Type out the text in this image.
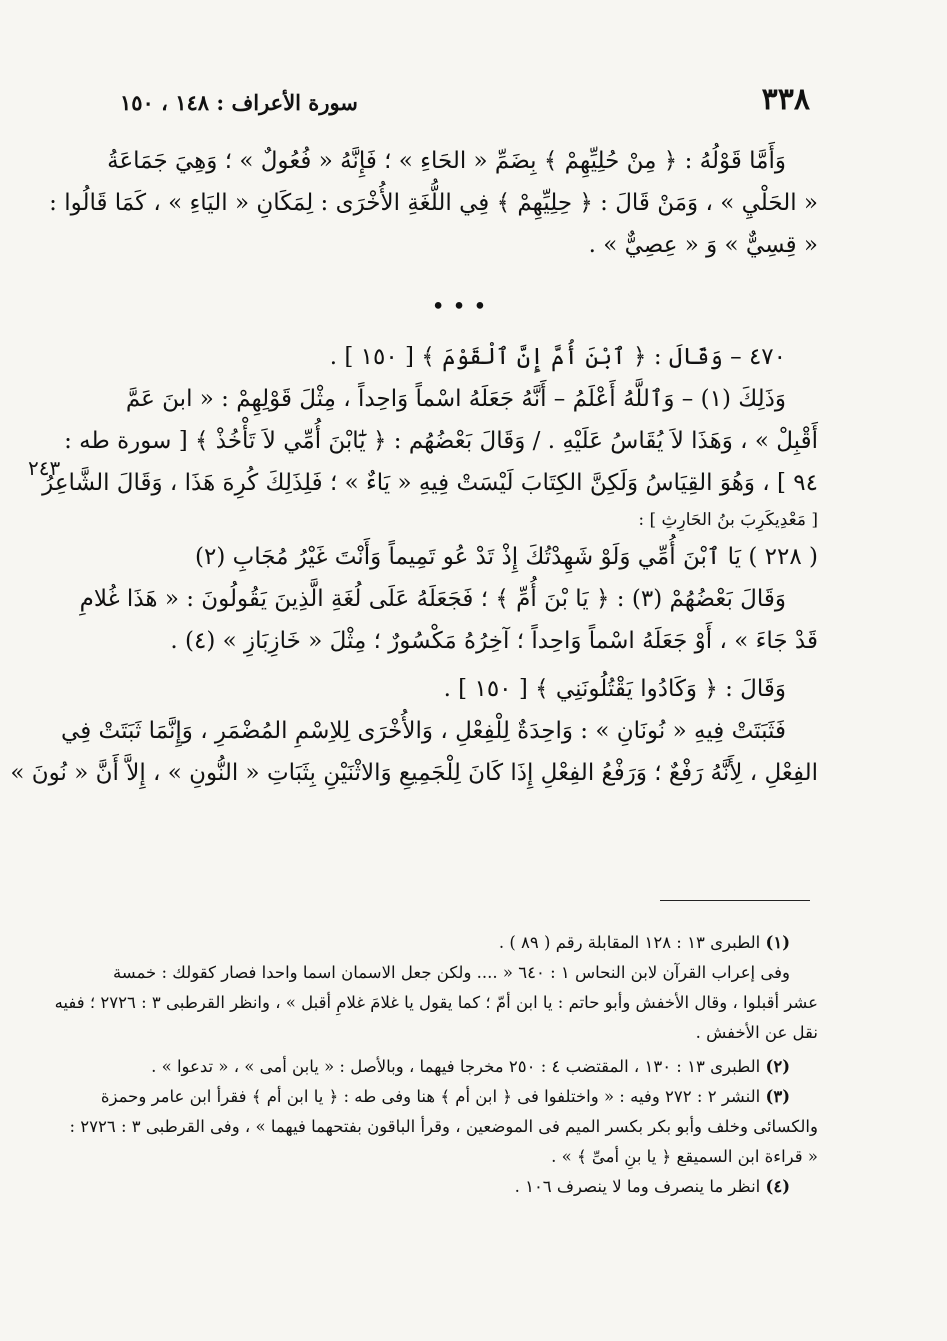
٣٣٨
سورة الأعراف : ١٤٨ ، ١٥٠
وَأَمَّا قَوْلُهُ : ﴿ مِنْ حُلِيِّهِمْ ﴾ بِضَمِّ « الحَاءِ » ؛ فَإِنَّهُ « فُعُولٌ » ؛ وَهِيَ جَمَاعَةُ
« الحَلْيِ » ، وَمَنْ قَالَ : ﴿ حِلِيِّهِمْ ﴾ فِي اللُّغَةِ الأُخْرَى : لِمَكَانِ « اليَاءِ » ، كَمَا قَالُوا :
« قِسِيٌّ » وَ « عِصِيٌّ » .
• • •
٤٧٠ – وَقَالَ : ﴿ ٱبْنَ أُمَّ إِنَّ ٱلْقَوْمَ ﴾ [ ١٥٠ ] .
وَذَلِكَ (١) – وَٱللَّهُ أَعْلَمُ – أَنَّهُ جَعَلَهُ اسْماً وَاحِداً ، مِثْلَ قَوْلِهِمْ : « ابنَ عَمَّ
أَقْبِلْ » ، وَهَذَا لاَ يُقَاسُ عَلَيْهِ . / وَقَالَ بَعْضُهُم : ﴿ يَٰٓابْنَ أُمِّي لاَ تَأْخُذْ ﴾ [ سورة طه :
٩٤ ] ، وَهُوَ القِيَاسُ وَلَكِنَّ الكِتَابَ لَيْسَتْ فِيهِ « يَاءٌ » ؛ فَلِذَلِكَ كُرِهَ هَذَا ، وَقَالَ الشَّاعِرُ
[ مَعْدِيكَرِبَ بنُ الحَارِثِ ] :
( ٢٢٨ ) يَا ٱبْنَ أُمِّي وَلَوْ شَهِدْتُكَ إِذْ تَدْ عُو تَمِيماً وَأَنْتَ غَيْرُ مُجَابِ (٢)
وَقَالَ بَعْضُهُمْ (٣) : ﴿ يَا بْنَ أُمِّ ﴾ ؛ فَجَعَلَهُ عَلَى لُغَةِ الَّذِينَ يَقُولُونَ : « هَذَا غُلامِ
قَدْ جَاءَ » ، أَوْ جَعَلَهُ اسْماً وَاحِداً ؛ آخِرُهُ مَكْسُورٌ ؛ مِثْلَ « خَازِبَازِ » (٤) .
وَقَالَ : ﴿ وَكَادُوا يَقْتُلُونَنِي ﴾ [ ١٥٠ ] .
فَثَبَتَتْ فِيهِ « نُونَانِ » : وَاحِدَةٌ لِلْفِعْلِ ، وَالأُخْرَى لِلاِسْمِ المُضْمَرِ ، وَإِنَّمَا ثَبَتَتْ فِي
الفِعْلِ ، لِأَنَّهُ رَفْعٌ ؛ وَرَفْعُ الفِعْلِ إِذَا كَانَ لِلْجَمِيعِ وَالاثْنَيْنِ بِثَبَاتِ « النُّونِ » ، إِلاَّ أَنَّ « نُونَ »
٢٤٣
(١) الطبرى ١٣ : ١٢٨ المقابلة رقم ( ٨٩ ) .
وفى إعراب القرآن لابن النحاس ١ : ٦٤٠ « .... ولكن جعل الاسمان اسما واحدا فصار كقولك : خمسة
عشر أقبلوا ، وقال الأخفش وأبو حاتم : يا ابن أمّ ؛ كما يقول يا غلامَ غلامِ أقبل » ، وانظر القرطبى ٣ : ٢٧٢٦ ؛ ففيه
نقل عن الأخفش .
(٢) الطبرى ١٣ : ١٣٠ ، المقتضب ٤ : ٢٥٠ مخرجا فيهما ، وبالأصل : « يابن أمى » ، « تدعوا » .
(٣) النشر ٢ : ٢٧٢ وفيه : « واختلفوا فى ﴿ ابن أم ﴾ هنا وفى طه : ﴿ يا ابن أم ﴾ فقرأ ابن عامر وحمزة
والكسائى وخلف وأبو بكر بكسر الميم فى الموضعين ، وقرأ الباقون بفتحهما فيهما » ، وفى القرطبى ٣ : ٢٧٢٦ :
« قراءة ابن السميقع ﴿ يا بنِ أمىِّ ﴾ » .
(٤) انظر ما ينصرف وما لا ينصرف ١٠٦ .
